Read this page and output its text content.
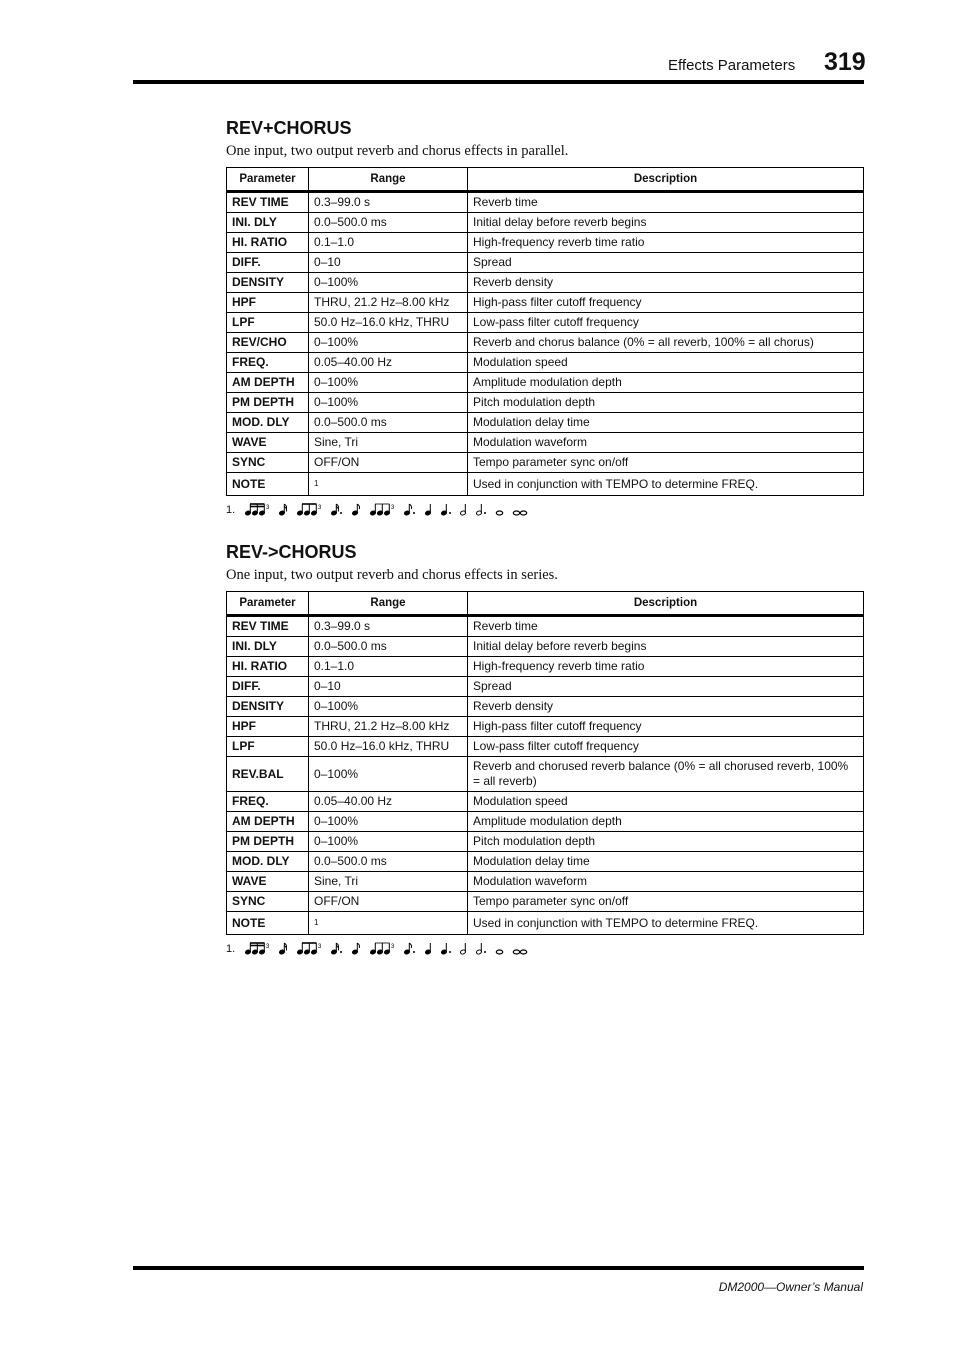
Effects Parameters 319
REV+CHORUS

One input, two output reverb and chorus effects in parallel.

Parameter	Range	Description
REV TIME	0.3–99.0 s	Reverb time
INI. DLY	0.0–500.0 ms	Initial delay before reverb begins
HI. RATIO	0.1–1.0	High-frequency reverb time ratio
DIFF.	0–10	Spread
DENSITY	0–100%	Reverb density
HPF	THRU, 21.2 Hz–8.00 kHz	High-pass filter cutoff frequency
LPF	50.0 Hz–16.0 kHz, THRU	Low-pass filter cutoff frequency
REV/CHO	0–100%	Reverb and chorus balance (0% = all reverb, 100% = all chorus)
FREQ.	0.05–40.00 Hz	Modulation speed
AM DEPTH	0–100%	Amplitude modulation depth
PM DEPTH	0–100%	Pitch modulation depth
MOD. DLY	0.0–500.0 ms	Modulation delay time
WAVE	Sine, Tri	Modulation waveform
SYNC	OFF/ON	Tempo parameter sync on/off
NOTE	$^1$	Used in conjunction with TEMPO to determine FREQ.
1.	3	3	3
REV->CHORUS

One input, two output reverb and chorus effects in series.

Parameter	Range	Description
REV TIME	0.3–99.0 s	Reverb time
INI. DLY	0.0–500.0 ms	Initial delay before reverb begins
HI. RATIO	0.1–1.0	High-frequency reverb time ratio
DIFF.	0–10	Spread
DENSITY	0–100%	Reverb density
HPF	THRU, 21.2 Hz–8.00 kHz	High-pass filter cutoff frequency
LPF	50.0 Hz–16.0 kHz, THRU	Low-pass filter cutoff frequency
REV.BAL	0–100%	Reverb and chorused reverb balance (0% = all chorused reverb, 100% = all reverb)
FREQ.	0.05–40.00 Hz	Modulation speed
AM DEPTH	0–100%	Amplitude modulation depth
PM DEPTH	0–100%	Pitch modulation depth
MOD. DLY	0.0–500.0 ms	Modulation delay time
WAVE	Sine, Tri	Modulation waveform
SYNC	OFF/ON	Tempo parameter sync on/off
NOTE	$^1$	Used in conjunction with TEMPO to determine FREQ.
1.	3	3	3
DM2000—Owner’s Manual
